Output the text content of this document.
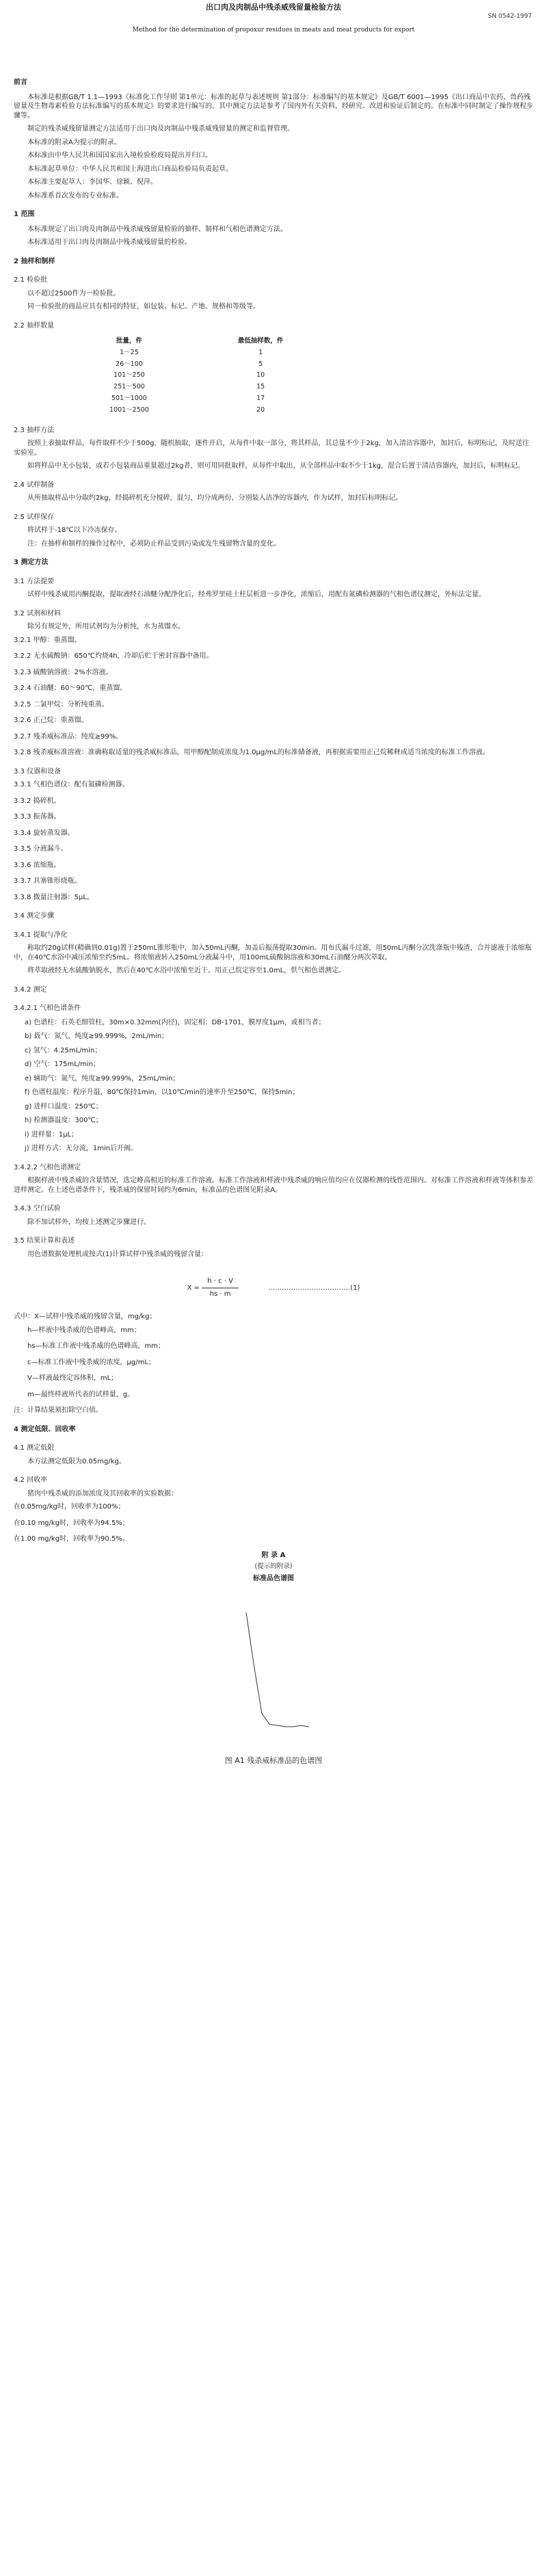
出口肉及肉制品中残杀威残留量检验方法
SN 0542-1997
Method for the determination of propoxur residues in meats and meat products for export
前言

本标准是根据GB/T 1.1—1993《标准化工作导则 第1单元：标准的起草与表述规则 第1部分：标准编写的基本规定》及GB/T 6001—1995《出口商品中农药、兽药残留量及生物毒素检验方法标准编写的基本规定》的要求进行编写的。其中测定方法是参考了国内外有关资料，经研究、改进和验证后制定的。在标准中同时制定了操作规程步骤等。

制定的残杀威残留量测定方法适用于出口肉及肉制品中残杀威残留量的测定和监督管理。

本标准的附录A为提示的附录。

本标准由中华人民共和国国家出入境检验检疫局提出并归口。

本标准起草单位：中华人民共和国上海进出口商品检验局负责起草。

本标准主要起草人：李国华、徐颖、倪萍。

本标准系首次发布的专业标准。

1 范围

本标准规定了出口肉及肉制品中残杀威残留量检验的抽样、制样和气相色谱测定方法。

本标准适用于出口肉及肉制品中残杀威残留量的检验。

2 抽样和制样
2.1 检验批

以不超过2500件为一检验批。

同一检验批的商品应具有相同的特征，如包装、标记、产地、规格和等级等。

2.2 抽样数量
批量，件	最低抽样数，件
1～25	1
26～100	5
101～250	10
251～500	15
501～1000	17
1001～2500	20
2.3 抽样方法

按照上表抽取样品，每件取样不少于500g，随机抽取，逐件开启，从每件中取一部分，将其样品，其总量不少于2kg，加入清洁容器中，加封后，标明标记，及时送往实验室。

如将样品中无小包装，或若小包装商品重量超过2kg者，则可用同批取样，从每件中取出，从全部样品中取不少于1kg，混合后置于清洁容器内，加封后，标明标记。

2.4 试样制备

从所抽取样品中分取约2kg，经捣碎机充分搅碎，混匀，均分成两份，分别装入洁净的容器内，作为试样，加封后标明标记。

2.5 试样保存

将试样于-18℃以下冷冻保存。

注：在抽样和制样的操作过程中，必须防止样品受到污染或发生残留物含量的变化。

3 测定方法
3.1 方法提要

试样中残杀威用丙酮提取，提取液经石油醚分配净化后，经弗罗里硅土柱层析进一步净化，浓缩后，用配有氮磷检测器的气相色谱仪测定，外标法定量。

3.2 试剂和材料

除另有规定外，所用试剂均为分析纯，水为蒸馏水。

3.2.1 甲醇：重蒸馏。

3.2.2 无水硫酸钠：650℃灼烧4h，冷却后贮于密封容器中备用。

3.2.3 硫酸钠溶液：2%水溶液。

3.2.4 石油醚：60～90℃，重蒸馏。

3.2.5 二氯甲烷：分析纯重蒸。

3.2.6 正己烷：重蒸馏。

3.2.7 残杀威标准品：纯度≥99%。

3.2.8 残杀威标准溶液：准确称取适量的残杀威标准品，用甲醇配制成浓度为1.0μg/mL的标准储备液，再根据需要用正己烷稀释成适当浓度的标准工作溶液。

3.3 仪器和设备

3.3.1 气相色谱仪：配有氮磷检测器。

3.3.2 捣碎机。

3.3.3 振荡器。

3.3.4 旋转蒸发器。

3.3.5 分液漏斗。

3.3.6 浓缩瓶。

3.3.7 具塞锥形烧瓶。

3.3.8 微量注射器：5μL。

3.4 测定步骤
3.4.1 提取与净化

称取约20g试样(精确到0.01g)置于250mL锥形瓶中，加入50mL丙酮，加盖后振荡提取30min。用布氏漏斗过滤，用50mL丙酮分次洗涤瓶中残渣，合并滤液于浓缩瓶中，在40℃水浴中减压浓缩至约5mL。将浓缩液转入250mL分液漏斗中，用100mL硫酸钠溶液和30mL石油醚分两次萃取。

将萃取液经无水硫酸钠脱水，然后在40℃水浴中浓缩至近干。用正己烷定容至1.0mL，供气相色谱测定。

3.4.2 测定
3.4.2.1 气相色谱条件

a) 色谱柱：石英毛细管柱，30m×0.32mm(内径)，固定相：DB-1701，膜厚度1μm，或相当者；

b) 载气：氮气，纯度≥99.999%，2mL/min；

c) 氢气：4.25mL/min；

d) 空气：175mL/min；

e) 辅助气：氮气，纯度≥99.999%，25mL/min；

f) 色谱柱温度：程序升温，80℃保持1min，以10℃/min的速率升至250℃，保持5min；

g) 进样口温度：250℃；

h) 检测器温度：300℃；

i) 进样量：1μL；

j) 进样方式：无分流，1min后开阀。

3.4.2.2 气相色谱测定

根据样液中残杀威的含量情况，选定峰高相近的标准工作溶液。标准工作溶液和样液中残杀威的响应值均应在仪器检测的线性范围内。对标准工作溶液和样液等体积参差进样测定。在上述色谱条件下，残杀威的保留时间约为6min，标准品的色谱图见附录A。

3.4.3 空白试验

除不加试样外，均按上述测定步骤进行。

3.5 结果计算和表述

用色谱数据处理机或按式(1)计算试样中残杀威的残留含量：

$X = \frac{h \cdot c \cdot V}{hs \cdot m}$	………………………………(1)

式中：X—试样中残杀威的残留含量，mg/kg；

h—样液中残杀威的色谱峰高，mm；

hs—标准工作液中残杀威的色谱峰高，mm；

c—标准工作液中残杀威的浓度，μg/mL；

V—样液最终定容体积，mL；

m—最终样液所代表的试样量，g。

注：计算结果须扣除空白值。

4 测定低限、回收率
4.1 测定低限

本方法测定低限为0.05mg/kg。

4.2 回收率

猪肉中残杀威的添加浓度及其回收率的实验数据：

在0.05mg/kg时，回收率为100%；

在0.10 mg/kg时，回收率为94.5%；

在1.00 mg/kg时，回收率为90.5%。

附 录 A
(提示的附录)
标准品色谱图
图 A1 残杀威标准品的色谱图
